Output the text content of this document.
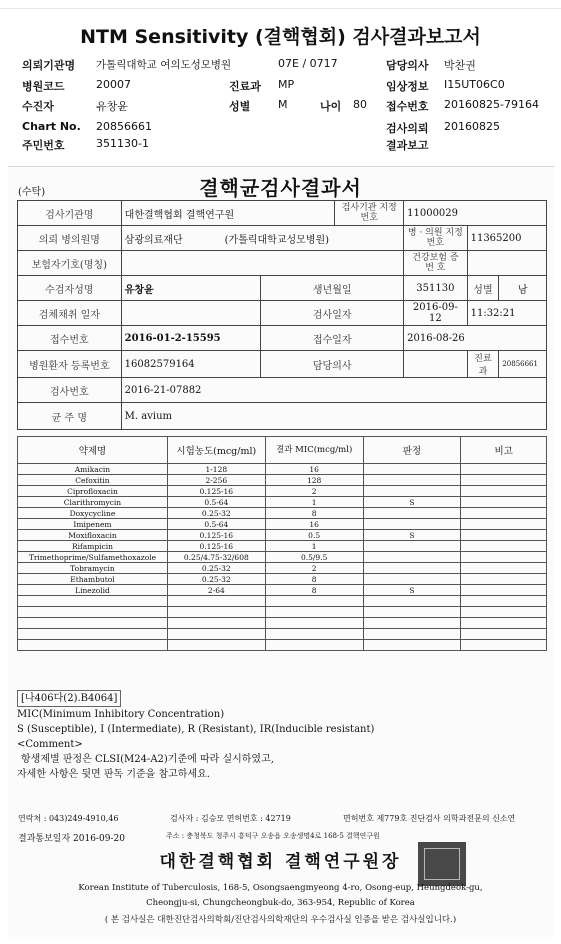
NTM Sensitivity (결핵협회) 검사결과보고서
의뢰기관명 가톨릭대학교 여의도성모병원	07E / 0717	담당의사 박찬권
병원코드	20007	진료과 MP	임상정보 I15UT06C0
수진자	유창윤	성별	M	나이 80 접수번호 20160825-79164
Chart No. 20856661	검사의뢰 20160825
주민번호	351130-1	결과보고
(수탁)	결핵균검사결과서
검사기관명	대한결핵협회 결핵연구원		검사기관 지정번호	11000029		
의뢰 병의원명	삼광의료재단 (가톨릭대학교성모병원)			병 · 의원 지정번호	11365200	
보험자기호(명칭)				건강보험 증 번 호		
수검자성명	유창윤	생년월일		351130	성별	남
검체채취 일자		검사일자		2016-09-12	11:32:21	
접수번호	2016-01-2-15595	접수일자		2016-08-26		
병원환자 등록번호	16082579164	담당의사			진료과	20856661
검사번호	2016-21-07882					
균 주 명	M. avium					
약제명	시험농도(mcg/ml)	결과 MIC(mcg/ml)	판정	비고
Amikacin	1-128	16		
Cefoxitin	2-256	128		
Ciprofloxacin	0.125-16	2		
Clarithromycin	0.5-64	1	S	
Doxycycline	0.25-32	8		
Imipenem	0.5-64	16		
Moxifloxacin	0.125-16	0.5	S	
Rifampicin	0.125-16	1		
Trimethoprime/Sulfamethoxazole	0.25/4.75-32/608	0.5/9.5		
Tobramycin	0.25-32	2		
Ethambutol	0.25-32	8		
Linezolid	2-64	8	S	

[나406다(2).B4064]
MIC(Minimum Inhibitory Concentration)
S (Susceptible), I (Intermediate), R (Resistant), IR(Inducible resistant)
<Comment>
항생제별 판정은 CLSI(M24-A2)기준에 따라 실시하였고,
자세한 사항은 뒷면 판독 기준을 참고하세요.
연락처 : 043)249-4910,46	검사자 : 김승모 면허번호 : 42719	면허번호 제779호 진단검사 의학과전문의 신소연
결과통보일자 2016-09-20	주소 : 충청북도 청주시 흥덕구 오송읍 오송생명4로 168-5 결핵연구원
대한결핵협회 결핵연구원장
Korean Institute of Tuberculosis, 168-5, Osongsaengmyeong 4-ro, Osong-eup, Heungdeok-gu,
Cheongju-si, Chungcheongbuk-do, 363-954, Republic of Korea
( 본 검사실은 대한진단검사의학회/진단검사의학재단의 우수검사실 인증을 받은 검사실입니다.)
